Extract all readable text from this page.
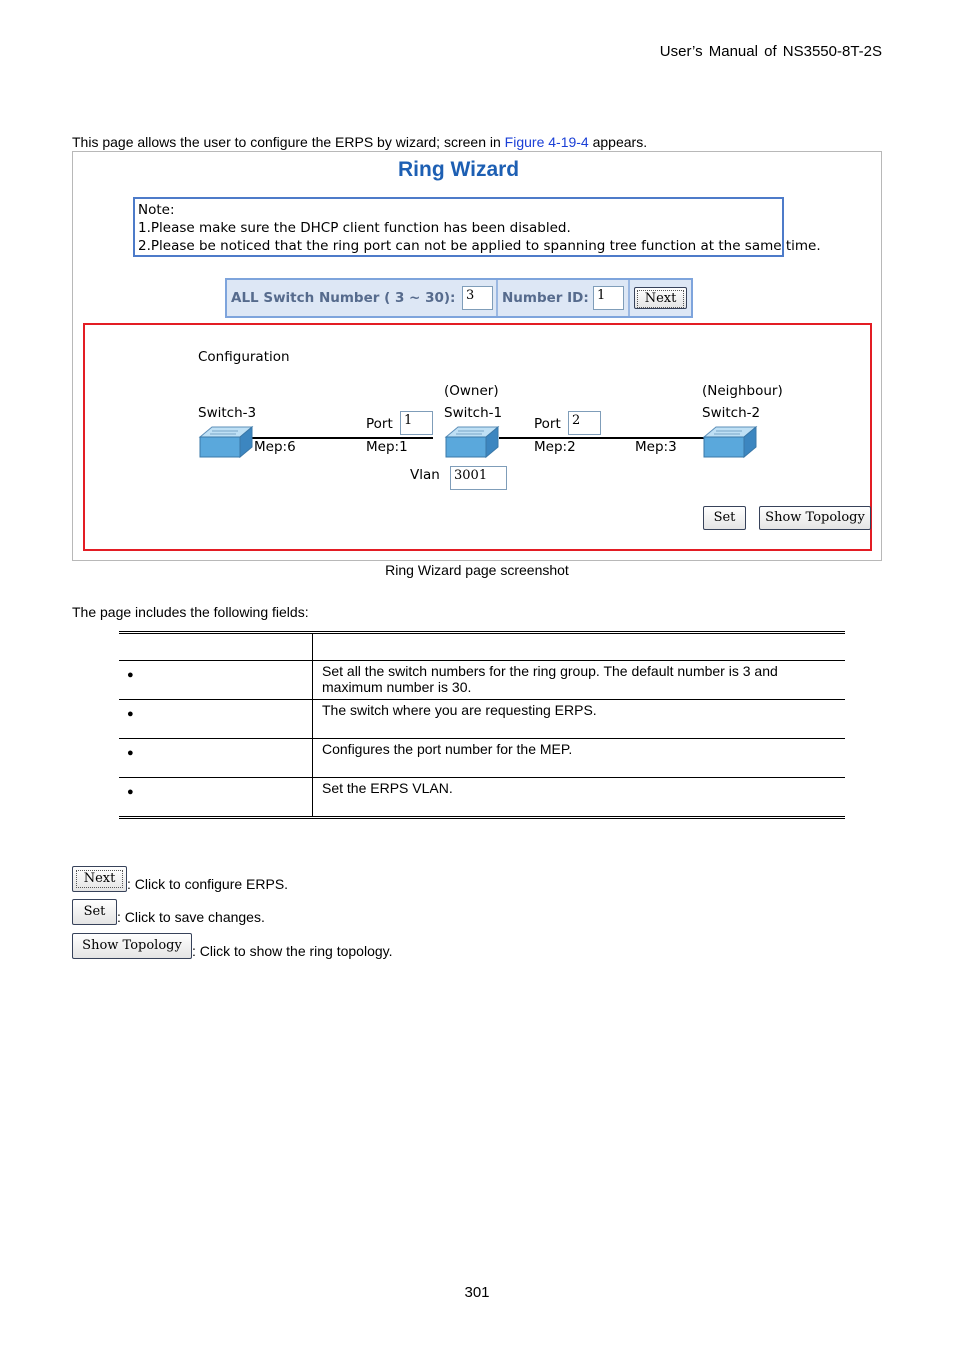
User’s Manual of NS3550-8T-2S
This page allows the user to configure the ERPS by wizard; screen in Figure 4-19-4 appears.
Ring Wizard
Note:
1.Please make sure the DHCP client function has been disabled.
2.Please be noticed that the ring port can not be applied to spanning tree function at the same time.
ALL Switch Number ( 3 ~ 30): 3	Number ID: 1	Next
Configuration
(Owner)	(Neighbour)
Switch-3	Switch-1	Switch-2
Port 1	Port 2
Mep:6	Mep:1	Mep:2	Mep:3
Vlan	3001
Set	Show Topology
Ring Wizard page screenshot
The page includes the following fields:

●	Set all the switch numbers for the ring group. The default number is 3 and
maximum number is 30.

●	The switch where you are requesting ERPS.

●	Configures the port number for the MEP.

●	Set the ERPS VLAN.
Next : Click to configure ERPS.
Set : Click to save changes.
Show Topology : Click to show the ring topology.
301
